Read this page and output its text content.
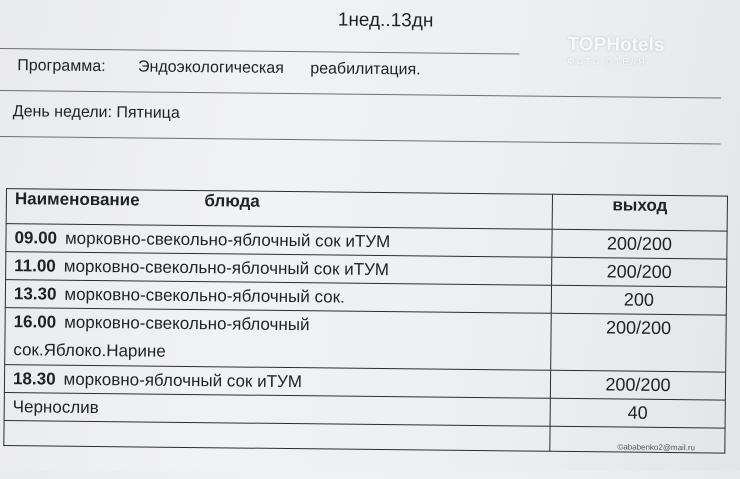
1нед..13дн
TOPHotels
ФОТО ОТЕЛЯ
Программа: Эндоэкологическая реабилитация.
День недели: Пятница
Наименование блюда	выход
09.00 морковно-свекольно-яблочный сок иТУМ	200/200
11.00 морковно-свекольно-яблочный сок иТУМ	200/200
13.30 морковно-свекольно-яблочный сок.	200
16.00 морковно-свекольно-яблочный
сок.Яблоко.Нарине	200/200
18.30 морковно-яблочный сок иТУМ	200/200
Чернослив	40

©ababenko2@mail.ru
